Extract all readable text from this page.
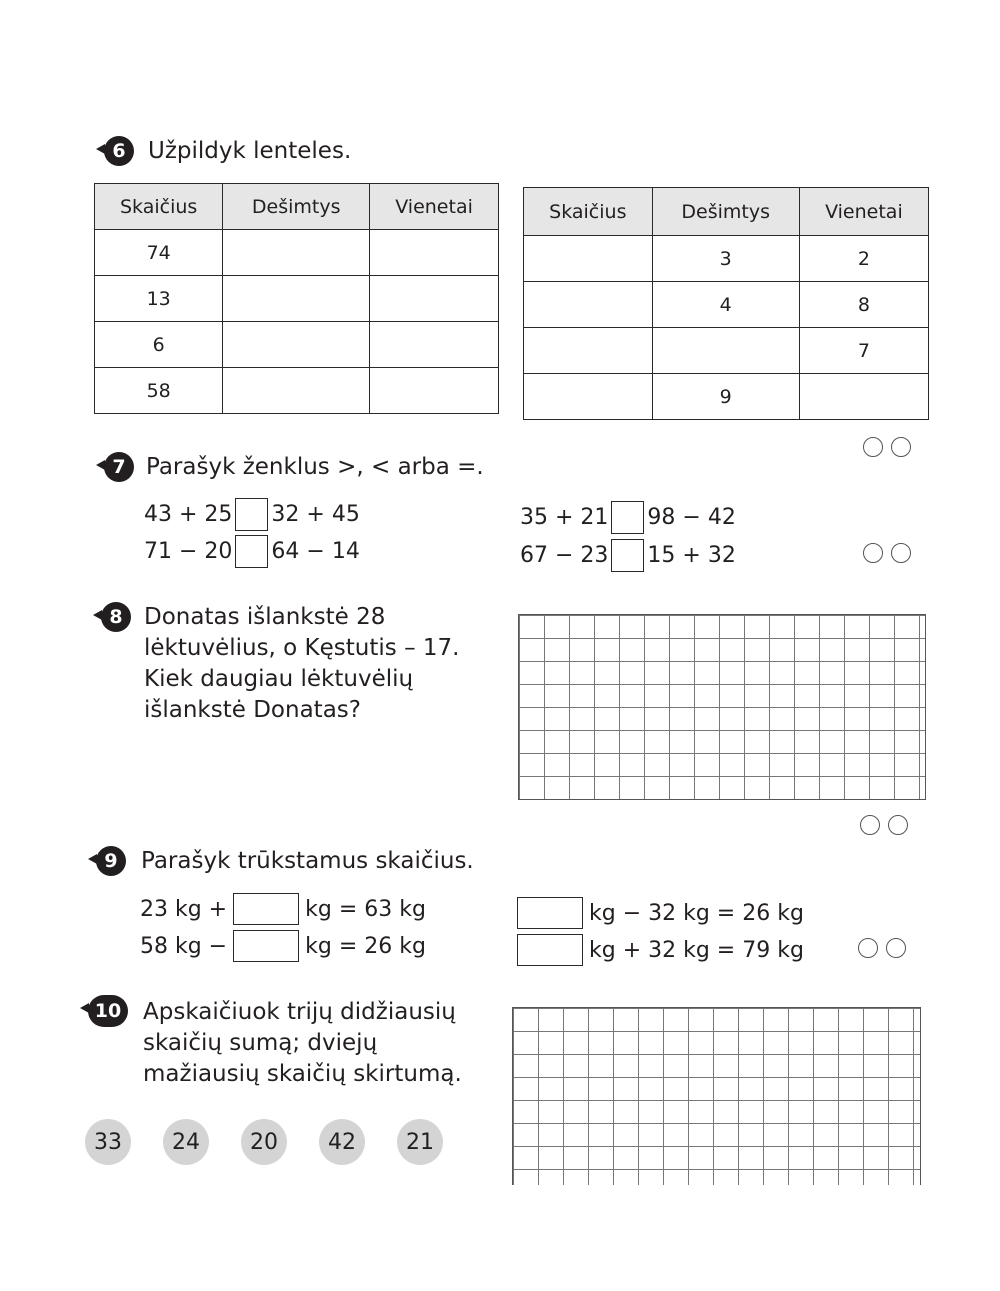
6 Užpildyk lenteles.
Skaičius	Dešimtys	Vienetai
74		
13		
6		
58		
Skaičius	Dešimtys	Vienetai
	3	2
	4	8
		7
	9	
7 Parašyk ženklus >, < arba =.
43 + 25 32 + 45
71 − 20 64 − 14
35 + 21 98 − 42
67 − 23 15 + 32
8 Donatas išlankstė 28
lėktuvėlius, o Kęstutis – 17.
Kiek daugiau lėktuvėlių
išlankstė Donatas?
9	Parašyk trūkstamus skaičius.
23 kg +	kg = 63 kg
58 kg −	kg = 26 kg
kg − 32 kg = 26 kg
kg + 32 kg = 79 kg
10 Apskaičiuok trijų didžiausių
skaičių sumą; dviejų
mažiausių skaičių skirtumą.
33	24	20	42	21
